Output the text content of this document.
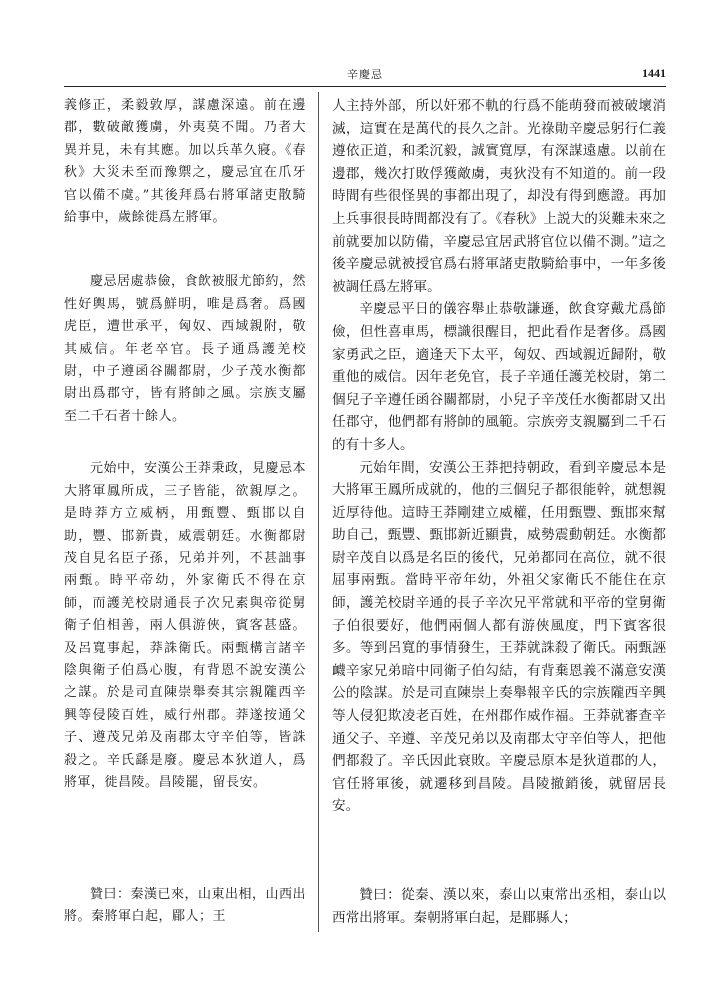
辛慶忌	1441

義修正，柔毅敦厚，謀慮深遠。前在邊郡，數破敵獲虜，外夷莫不聞。乃者大異并見，未有其應。加以兵革久寢。《春秋》大災未至而豫禦之，慶忌宜在爪牙官以備不虞。”其後拜爲右將軍諸吏散騎給事中，歲餘徙爲左將軍。

慶忌居處恭儉，食飲被服尤節約，然性好輿馬，號爲鮮明，唯是爲奢。爲國虎臣，遭世承平，匈奴、西域親附，敬其威信。年老卒官。長子通爲護羌校尉，中子遵函谷關都尉，少子茂水衡都尉出爲郡守，皆有將帥之風。宗族支屬至二千石者十餘人。

元始中，安漢公王莽秉政，見慶忌本大將軍鳳所成，三子皆能，欲親厚之。是時莽方立威柄，用甄豐、甄邯以自助，豐、邯新貴，威震朝廷。水衡都尉茂自見名臣子孫，兄弟并列，不甚詘事兩甄。時平帝幼，外家衛氏不得在京師，而護羌校尉通長子次兄素與帝從舅衛子伯相善，兩人俱游俠，賓客甚盛。及呂寬事起，莽誅衛氏。兩甄構言諸辛陰與衛子伯爲心腹，有背恩不說安漢公之謀。於是司直陳崇舉奏其宗親隴西辛興等侵陵百姓，威行州郡。莽遂按通父子、遵茂兄弟及南郡太守辛伯等，皆誅殺之。辛氏繇是廢。慶忌本狄道人，爲將軍，徙昌陵。昌陵罷，留長安。

人主持外部，所以奸邪不軌的行爲不能萌發而被破壞消滅，這實在是萬代的長久之計。光祿勛辛慶忌躬行仁義遵依正道，和柔沉毅，誠實寬厚，有深謀遠慮。以前在邊郡，幾次打敗俘獲敵虜，夷狄没有不知道的。前一段時間有些很怪異的事都出現了，却没有得到應證。再加上兵事很長時間都没有了。《春秋》上説大的災難未來之前就要加以防備，辛慶忌宜居武將官位以備不測。”這之後辛慶忌就被授官爲右將軍諸吏散騎給事中，一年多後被調任爲左將軍。

辛慶忌平日的儀容舉止恭敬謙遜，飲食穿戴尤爲節儉，但性喜車馬，標識很醒目，把此看作是奢侈。爲國家勇武之臣，適逢天下太平，匈奴、西域親近歸附，敬重他的威信。因年老免官，長子辛通任護羌校尉，第二個兒子辛遵任函谷關都尉，小兒子辛茂任水衡都尉又出任郡守，他們都有將帥的風範。宗族旁支親屬到二千石的有十多人。

元始年間，安漢公王莽把持朝政，看到辛慶忌本是大將軍王鳳所成就的，他的三個兒子都很能幹，就想親近厚待他。這時王莽剛建立威權，任用甄豐、甄邯來幫助自己，甄豐、甄邯新近顯貴，威勢震動朝廷。水衡都尉辛茂自以爲是名臣的後代，兄弟都同在高位，就不很屈事兩甄。當時平帝年幼，外祖父家衛氏不能住在京師，護羌校尉辛通的長子辛次兄平常就和平帝的堂舅衛子伯很要好，他們兩個人都有游俠風度，門下賓客很多。等到呂寬的事情發生，王莽就誅殺了衛氏。兩甄誣衊辛家兄弟暗中同衛子伯勾結，有背棄恩義不滿意安漢公的陰謀。於是司直陳崇上奏舉報辛氏的宗族隴西辛興等人侵犯欺凌老百姓，在州郡作威作福。王莽就審查辛通父子、辛遵、辛茂兄弟以及南郡太守辛伯等人，把他們都殺了。辛氏因此衰敗。辛慶忌原本是狄道郡的人，官任將軍後，就遷移到昌陵。昌陵撤銷後，就留居長安。

贊曰：秦漢已來，山東出相，山西出將。秦將軍白起，郿人；王

贊曰：從秦、漢以來，泰山以東常出丞相，泰山以西常出將軍。秦朝將軍白起，是郿縣人；
